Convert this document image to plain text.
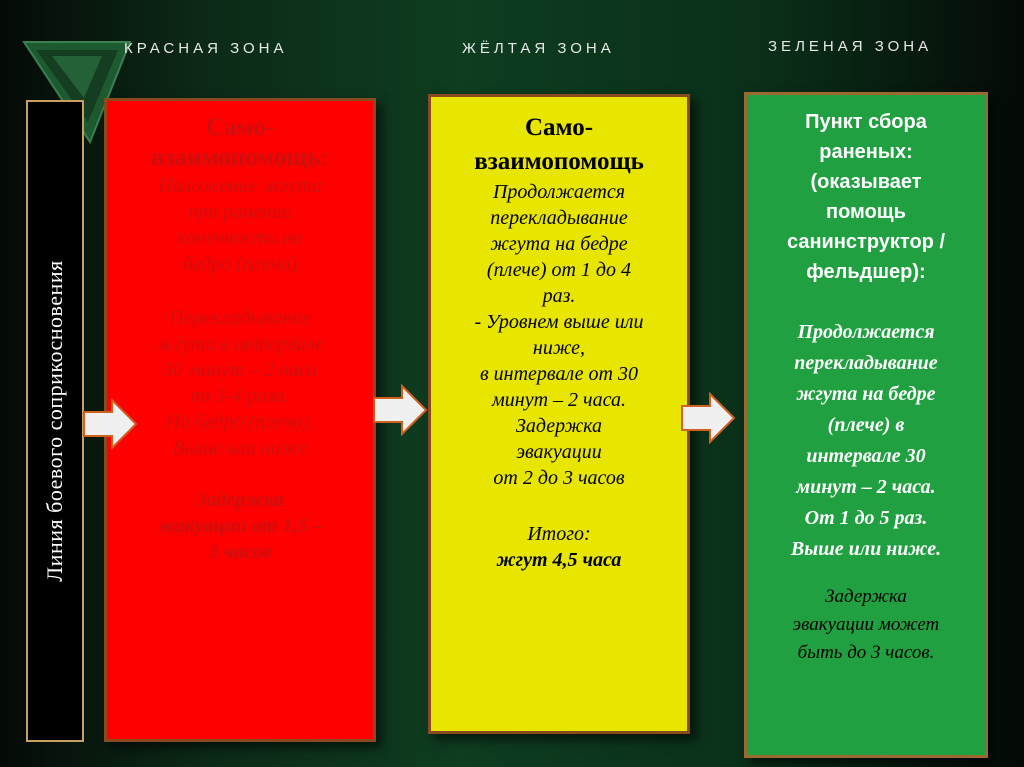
КРАСНАЯ ЗОНА	ЖЁЛТАЯ ЗОНА	ЗЕЛЕНАЯ ЗОНА
Линия боевого соприкосновения
Само-
взаимопомощь:
Наложение жгута
при ранении
конечности на
бедро (плечо)
Перекладывание
жгута в интервале
30 минут – 2 часа
по 3-4 раза.
На бедро (плечо).
Выше или ниже
Задержка
эвакуации от 1,5 –
3 часов
Само-
взаимопомощь
Продолжается
перекладывание
жгута на бедре
(плече) от 1 до 4
раз.
- Уровнем выше или
ниже,
в интервале от 30
минут – 2 часа.
Задержка
эвакуации
от 2 до 3 часов
Итого:
жгут 4,5 часа
Пункт сбора
раненых:
(оказывает
помощь
санинструктор /
фельдшер):
Продолжается
перекладывание
жгута на бедре
(плече) в
интервале 30
минут – 2 часа.
От 1 до 5 раз.
Выше или ниже.
Задержка
эвакуации может
быть до 3 часов.
